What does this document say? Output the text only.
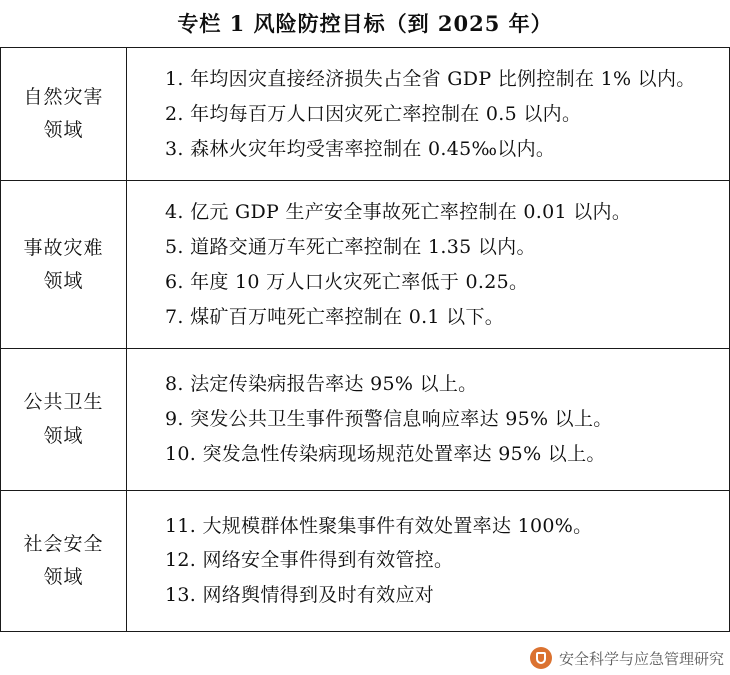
专栏 1 风险防控目标（到 2025 年）
自然灾害
领域	1. 年均因灾直接经济损失占全省 GDP 比例控制在 1% 以内。
2. 年均每百万人口因灾死亡率控制在 0.5 以内。
3. 森林火灾年均受害率控制在 0.45‰以内。

事故灾难
领域	4. 亿元 GDP 生产安全事故死亡率控制在 0.01 以内。
5. 道路交通万车死亡率控制在 1.35 以内。
6. 年度 10 万人口火灾死亡率低于 0.25。
7. 煤矿百万吨死亡率控制在 0.1 以下。

公共卫生
领域	8. 法定传染病报告率达 95% 以上。
9. 突发公共卫生事件预警信息响应率达 95% 以上。
10. 突发急性传染病现场规范处置率达 95% 以上。

社会安全
领域	11. 大规模群体性聚集事件有效处置率达 100%。
12. 网络安全事件得到有效管控。
13. 网络舆情得到及时有效应对
安全科学与应急管理研究
